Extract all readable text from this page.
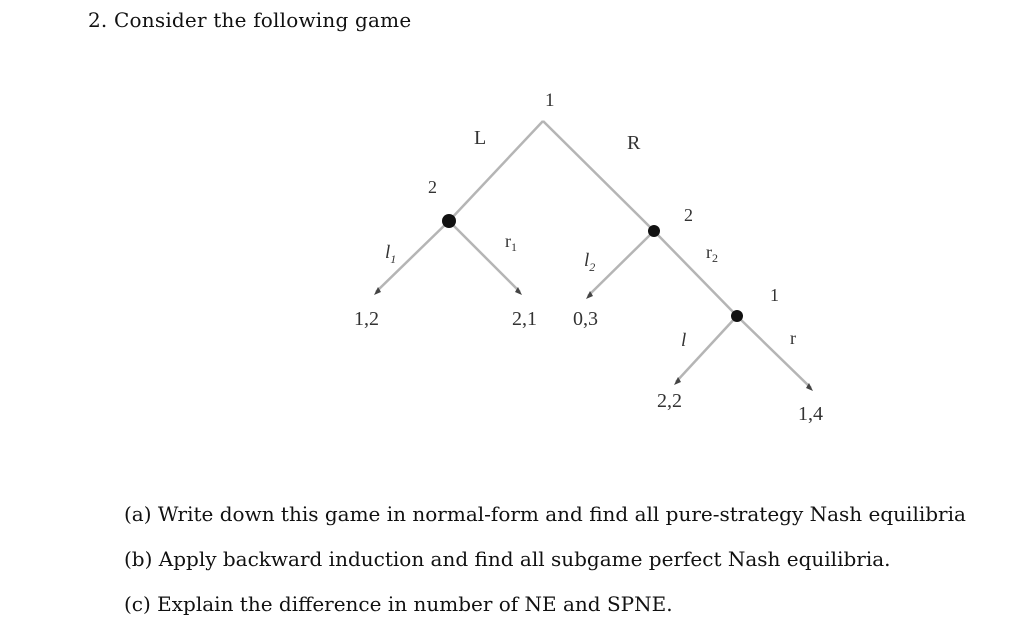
2. Consider the following game
1
2
2
1
L	R
$l_1$
$r_1$
$l_2$
$r_2$
l	r
1,2	2,1 0,3
2,2
1,4
(a) Write down this game in normal-form and find all pure-strategy Nash equilibria
(b) Apply backward induction and find all subgame perfect Nash equilibria.
(c) Explain the difference in number of NE and SPNE.
